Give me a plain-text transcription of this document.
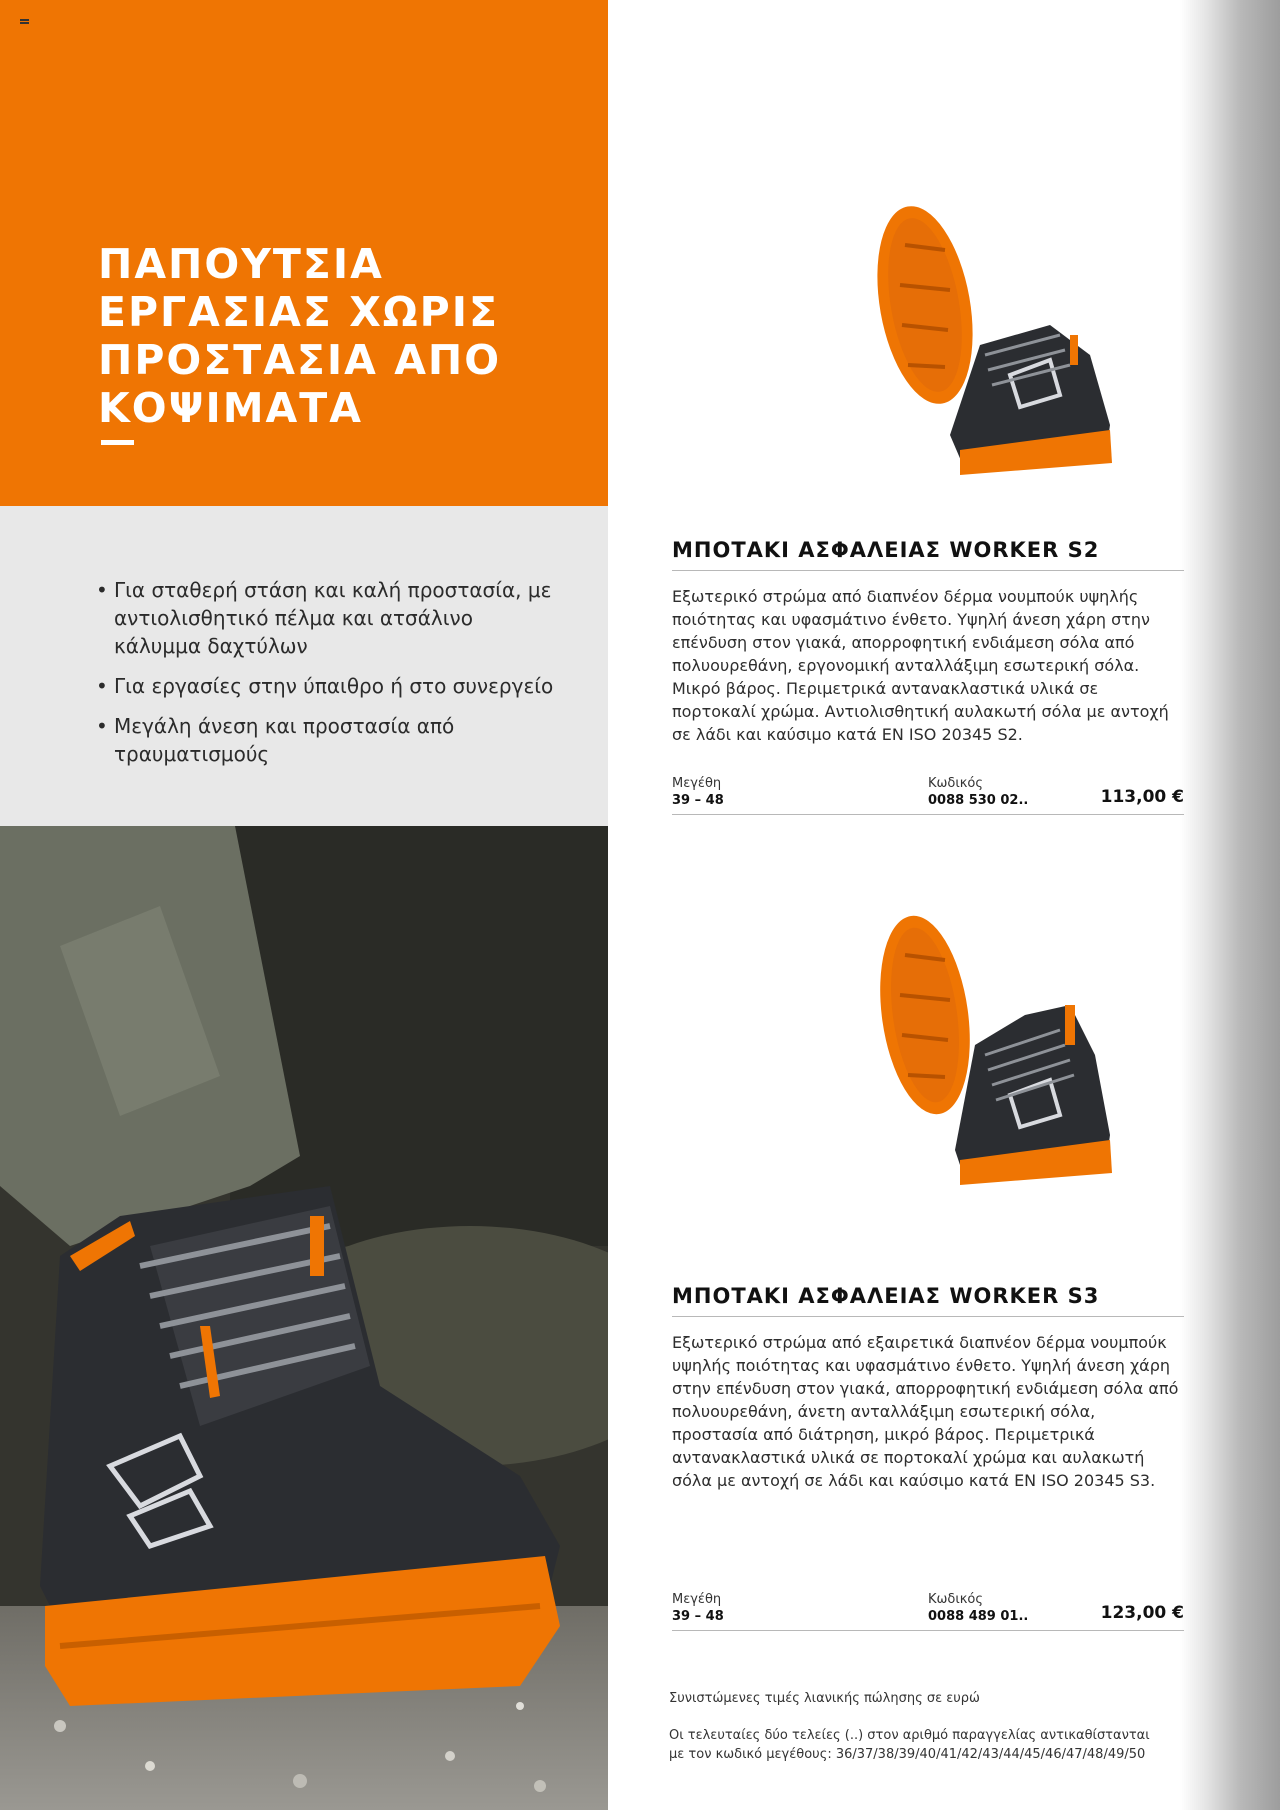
ΠΑΠΟΥΤΣΙΑ
ΕΡΓΑΣΙΑΣ ΧΩΡΙΣ
ΠΡΟΣΤΑΣΙΑ ΑΠΟ
ΚΟΨΙΜΑΤΑ
• Για σταθερή στάση και καλή προστασία, με αντιολισθητικό πέλμα και ατσάλινο κάλυμμα δαχτύλων
• Για εργασίες στην ύπαιθρο ή στο συνεργείο
• Μεγάλη άνεση και προστασία από τραυματισμούς
ΜΠΟΤΑΚΙ ΑΣΦΑΛΕΙΑΣ WORKER S2

Εξωτερικό στρώμα από διαπνέον δέρμα νουμπούκ υψηλής ποιότητας και υφασμάτινο ένθετο. Υψηλή άνεση χάρη στην επένδυση στον γιακά, απορροφητική ενδιάμεση σόλα από πολυουρεθάνη, εργονομική ανταλλάξιμη εσωτερική σόλα. Μικρό βάρος. Περιμετρικά αντανακλαστικά υλικά σε πορτοκαλί χρώμα. Αντιολισθητική αυλακωτή σόλα με αντοχή σε λάδι και καύσιμο κατά EN ISO 20345 S2.

Μεγέθη
39 – 48
Κωδικός
0088 530 02..	113,00 €
ΜΠΟΤΑΚΙ ΑΣΦΑΛΕΙΑΣ WORKER S3

Εξωτερικό στρώμα από εξαιρετικά διαπνέον δέρμα νουμπούκ υψηλής ποιότητας και υφασμάτινο ένθετο. Υψηλή άνεση χάρη στην επένδυση στον γιακά, απορροφητική ενδιάμεση σόλα από πολυουρεθάνη, άνετη ανταλλάξιμη εσωτερική σόλα, προστασία από διάτρηση, μικρό βάρος. Περιμετρικά αντανακλαστικά υλικά σε πορτοκαλί χρώμα και αυλακωτή σόλα με αντοχή σε λάδι και καύσιμο κατά EN ISO 20345 S3.

Μεγέθη
39 – 48
Κωδικός
0088 489 01..	123,00 €

Συνιστώμενες τιμές λιανικής πώλησης σε ευρώ

Οι τελευταίες δύο τελείες (..) στον αριθμό παραγγελίας αντικαθίστανται με τον κωδικό μεγέθους: 36/37/38/39/40/41/42/43/44/45/46/47/48/49/50
